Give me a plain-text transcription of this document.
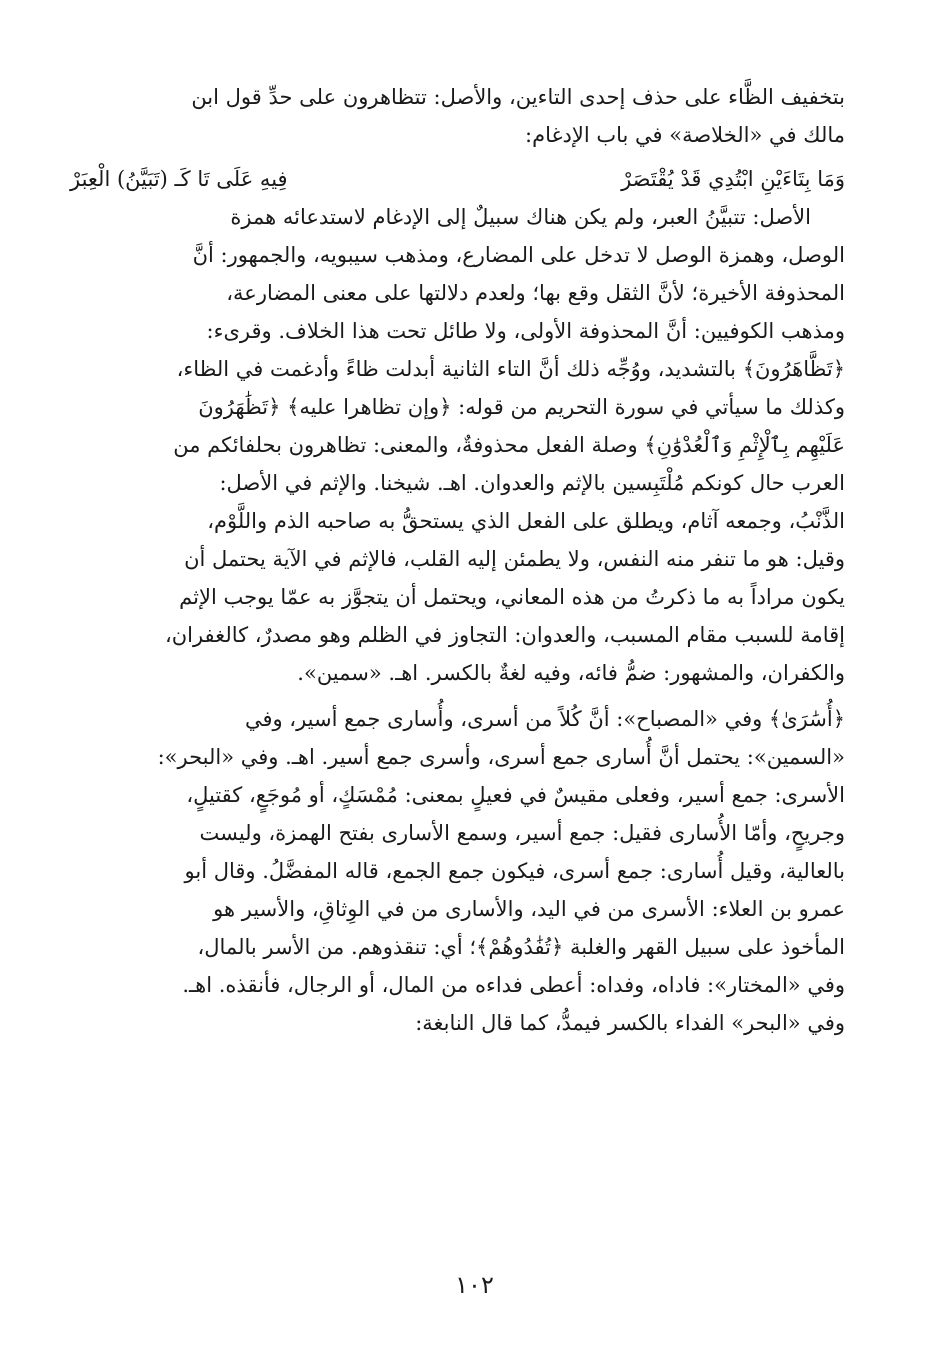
بتخفيف الظَّاء على حذف إحدى التاءين، والأصل: تتظاهرون على حدِّ قول ابن
مالك في «الخلاصة» في باب الإدغام:

وَمَا بِتَاءَيْنِ ابْتُدِي قَدْ يُقْتَصَرْ
فِيهِ عَلَى تَا كَـ (تَبَيَّنُ) الْعِبَرْ

الأصل: تتبيَّنُ العبر، ولم يكن هناك سبيلٌ إلى الإدغام لاستدعائه همزة
الوصل، وهمزة الوصل لا تدخل على المضارع، ومذهب سيبويه، والجمهور: أنَّ
المحذوفة الأخيرة؛ لأنَّ الثقل وقع بها؛ ولعدم دلالتها على معنى المضارعة،
ومذهب الكوفيين: أنَّ المحذوفة الأولى، ولا طائل تحت هذا الخلاف. وقرىء:
﴿تَظَّاهَرُونَ﴾ بالتشديد، ووُجِّه ذلك أنَّ التاء الثانية أبدلت ظاءً وأدغمت في الظاء،
وكذلك ما سيأتي في سورة التحريم من قوله: ﴿وإن تظاهرا عليه﴾ ﴿تَظَٰهَرُونَ
عَلَيْهِم بِٱلْإِثْمِ وَٱلْعُدْوَٰنِ﴾ وصلة الفعل محذوفةٌ، والمعنى: تظاهرون بحلفائكم من
العرب حال كونكم مُلْتَبِسين بالإثم والعدوان. اهـ. شيخنا. والإثم في الأصل:
الذَّنْبُ، وجمعه آثام، ويطلق على الفعل الذي يستحقُّ به صاحبه الذم واللَّوْم،
وقيل: هو ما تنفر منه النفس، ولا يطمئن إليه القلب، فالإثم في الآية يحتمل أن
يكون مراداً به ما ذكرتُ من هذه المعاني، ويحتمل أن يتجوَّز به عمّا يوجب الإثم
إقامة للسبب مقام المسبب، والعدوان: التجاوز في الظلم وهو مصدرٌ، كالغفران،
والكفران، والمشهور: ضمُّ فائه، وفيه لغةٌ بالكسر. اهـ. «سمين».

﴿أُسَٰرَىٰ﴾ وفي «المصباح»: أنَّ كُلاً من أسرى، وأُسارى جمع أسير، وفي
«السمين»: يحتمل أنَّ أُسارى جمع أسرى، وأسرى جمع أسير. اهـ. وفي «البحر»:
الأسرى: جمع أسير، وفعلى مقيسٌ في فعيلٍ بمعنى: مُمْسَكٍ، أو مُوجَعٍ، كقتيلٍ،
وجريحٍ، وأمّا الأُسارى فقيل: جمع أسير، وسمع الأسارى بفتح الهمزة، وليست
بالعالية، وقيل أُسارى: جمع أسرى، فيكون جمع الجمع، قاله المفضَّلُ. وقال أبو
عمرو بن العلاء: الأسرى من في اليد، والأسارى من في الوِثاقِ، والأسير هو
المأخوذ على سبيل القهر والغلبة ﴿تُفَٰدُوهُمْ﴾؛ أي: تنقذوهم. من الأسر بالمال،
وفي «المختار»: فاداه، وفداه: أعطى فداءه من المال، أو الرجال، فأنقذه. اهـ.
وفي «البحر» الفداء بالكسر فيمدُّ، كما قال النابغة:

١٠٢
